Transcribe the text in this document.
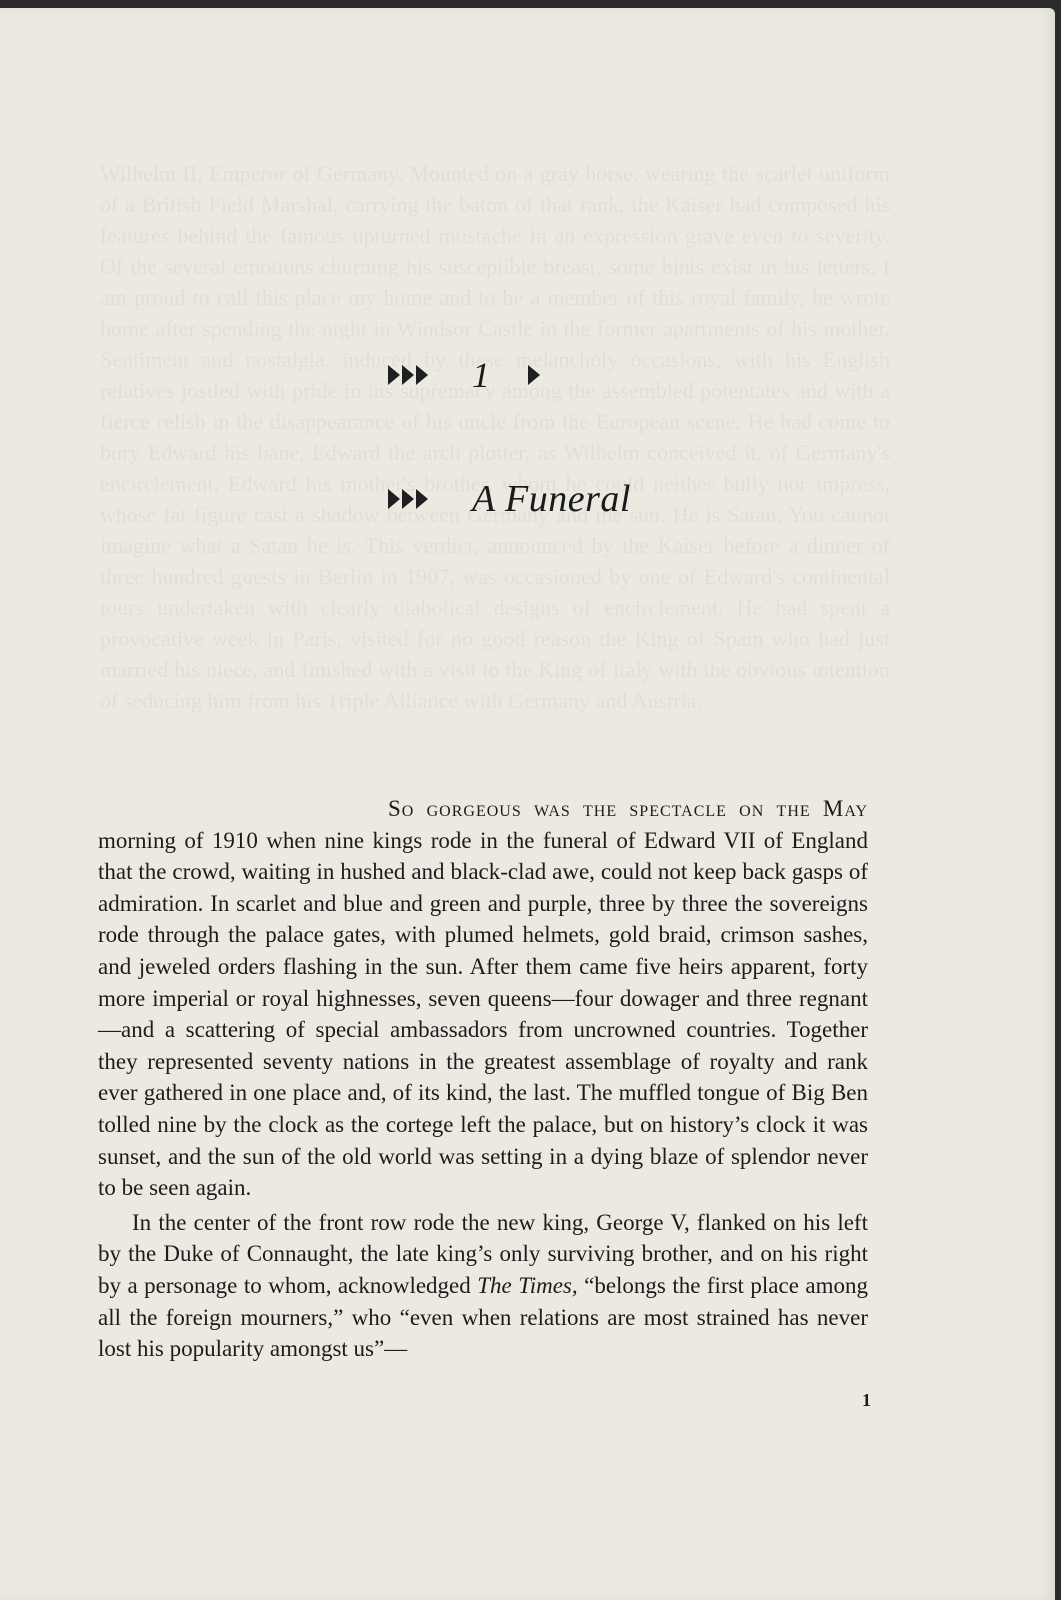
1
A Funeral

So gorgeous was the spectacle on the May morning of 1910 when nine kings rode in the funeral of Edward VII of England that the crowd, waiting in hushed and black-clad awe, could not keep back gasps of admiration. In scarlet and blue and green and purple, three by three the sovereigns rode through the palace gates, with plumed helmets, gold braid, crimson sashes, and jeweled orders flashing in the sun. After them came five heirs apparent, forty more imperial or royal highnesses, seven queens—four dowager and three regnant—and a scattering of special ambassadors from uncrowned countries. Together they represented seventy nations in the greatest assemblage of royalty and rank ever gathered in one place and, of its kind, the last. The muffled tongue of Big Ben tolled nine by the clock as the cortege left the palace, but on history’s clock it was sunset, and the sun of the old world was setting in a dying blaze of splendor never to be seen again.

In the center of the front row rode the new king, George V, flanked on his left by the Duke of Connaught, the late king’s only surviving brother, and on his right by a personage to whom, acknowledged The Times, “belongs the first place among all the foreign mourners,” who “even when relations are most strained has never lost his popularity amongst us”—

1
